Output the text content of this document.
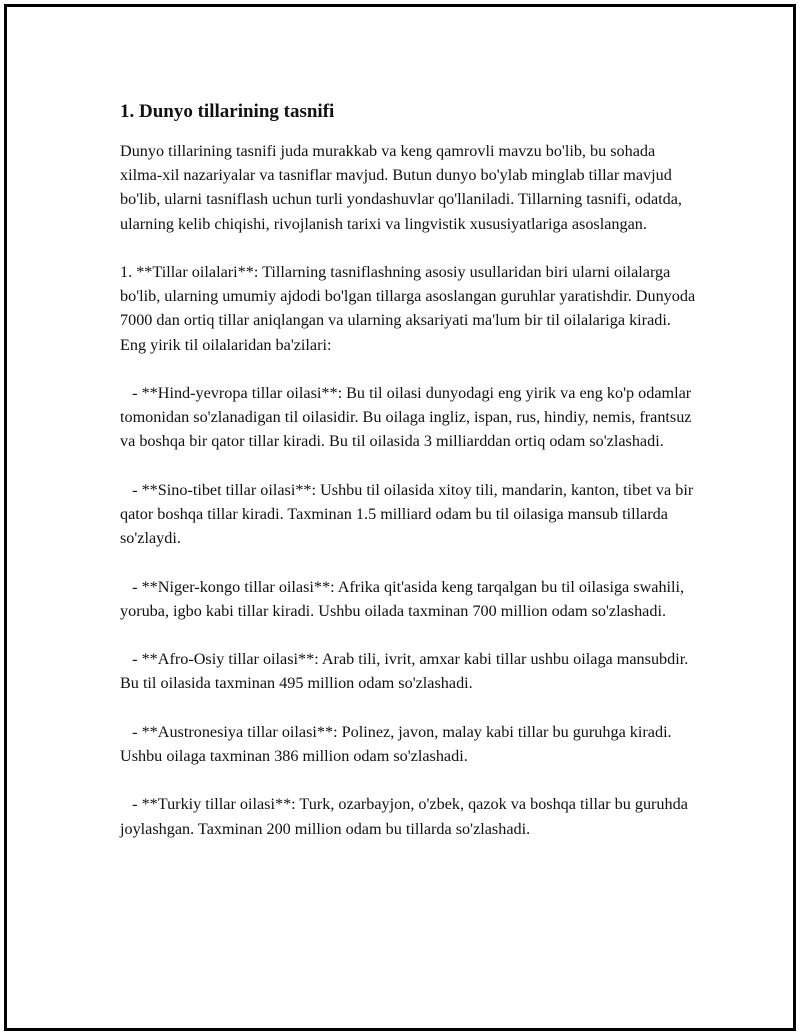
1. Dunyo tillarining tasnifi

Dunyo tillarining tasnifi juda murakkab va keng qamrovli mavzu bo'lib, bu sohada xilma-xil nazariyalar va tasniflar mavjud. Butun dunyo bo'ylab minglab tillar mavjud bo'lib, ularni tasniflash uchun turli yondashuvlar qo'llaniladi. Tillarning tasnifi, odatda, ularning kelib chiqishi, rivojlanish tarixi va lingvistik xususiyatlariga asoslangan.

1. **Tillar oilalari**: Tillarning tasniflashning asosiy usullaridan biri ularni oilalarga bo'lib, ularning umumiy ajdodi bo'lgan tillarga asoslangan guruhlar yaratishdir. Dunyoda 7000 dan ortiq tillar aniqlangan va ularning aksariyati ma'lum bir til oilalariga kiradi. Eng yirik til oilalaridan ba'zilari:

- **Hind-yevropa tillar oilasi**: Bu til oilasi dunyodagi eng yirik va eng ko'p odamlar tomonidan so'zlanadigan til oilasidir. Bu oilaga ingliz, ispan, rus, hindiy, nemis, frantsuz va boshqa bir qator tillar kiradi. Bu til oilasida 3 milliarddan ortiq odam so'zlashadi.

- **Sino-tibet tillar oilasi**: Ushbu til oilasida xitoy tili, mandarin, kanton, tibet va bir qator boshqa tillar kiradi. Taxminan 1.5 milliard odam bu til oilasiga mansub tillarda so'zlaydi.

- **Niger-kongo tillar oilasi**: Afrika qit'asida keng tarqalgan bu til oilasiga swahili, yoruba, igbo kabi tillar kiradi. Ushbu oilada taxminan 700 million odam so'zlashadi.

- **Afro-Osiy tillar oilasi**: Arab tili, ivrit, amxar kabi tillar ushbu oilaga mansubdir. Bu til oilasida taxminan 495 million odam so'zlashadi.

- **Austronesiya tillar oilasi**: Polinez, javon, malay kabi tillar bu guruhga kiradi. Ushbu oilaga taxminan 386 million odam so'zlashadi.

- **Turkiy tillar oilasi**: Turk, ozarbayjon, o'zbek, qazok va boshqa tillar bu guruhda joylashgan. Taxminan 200 million odam bu tillarda so'zlashadi.
